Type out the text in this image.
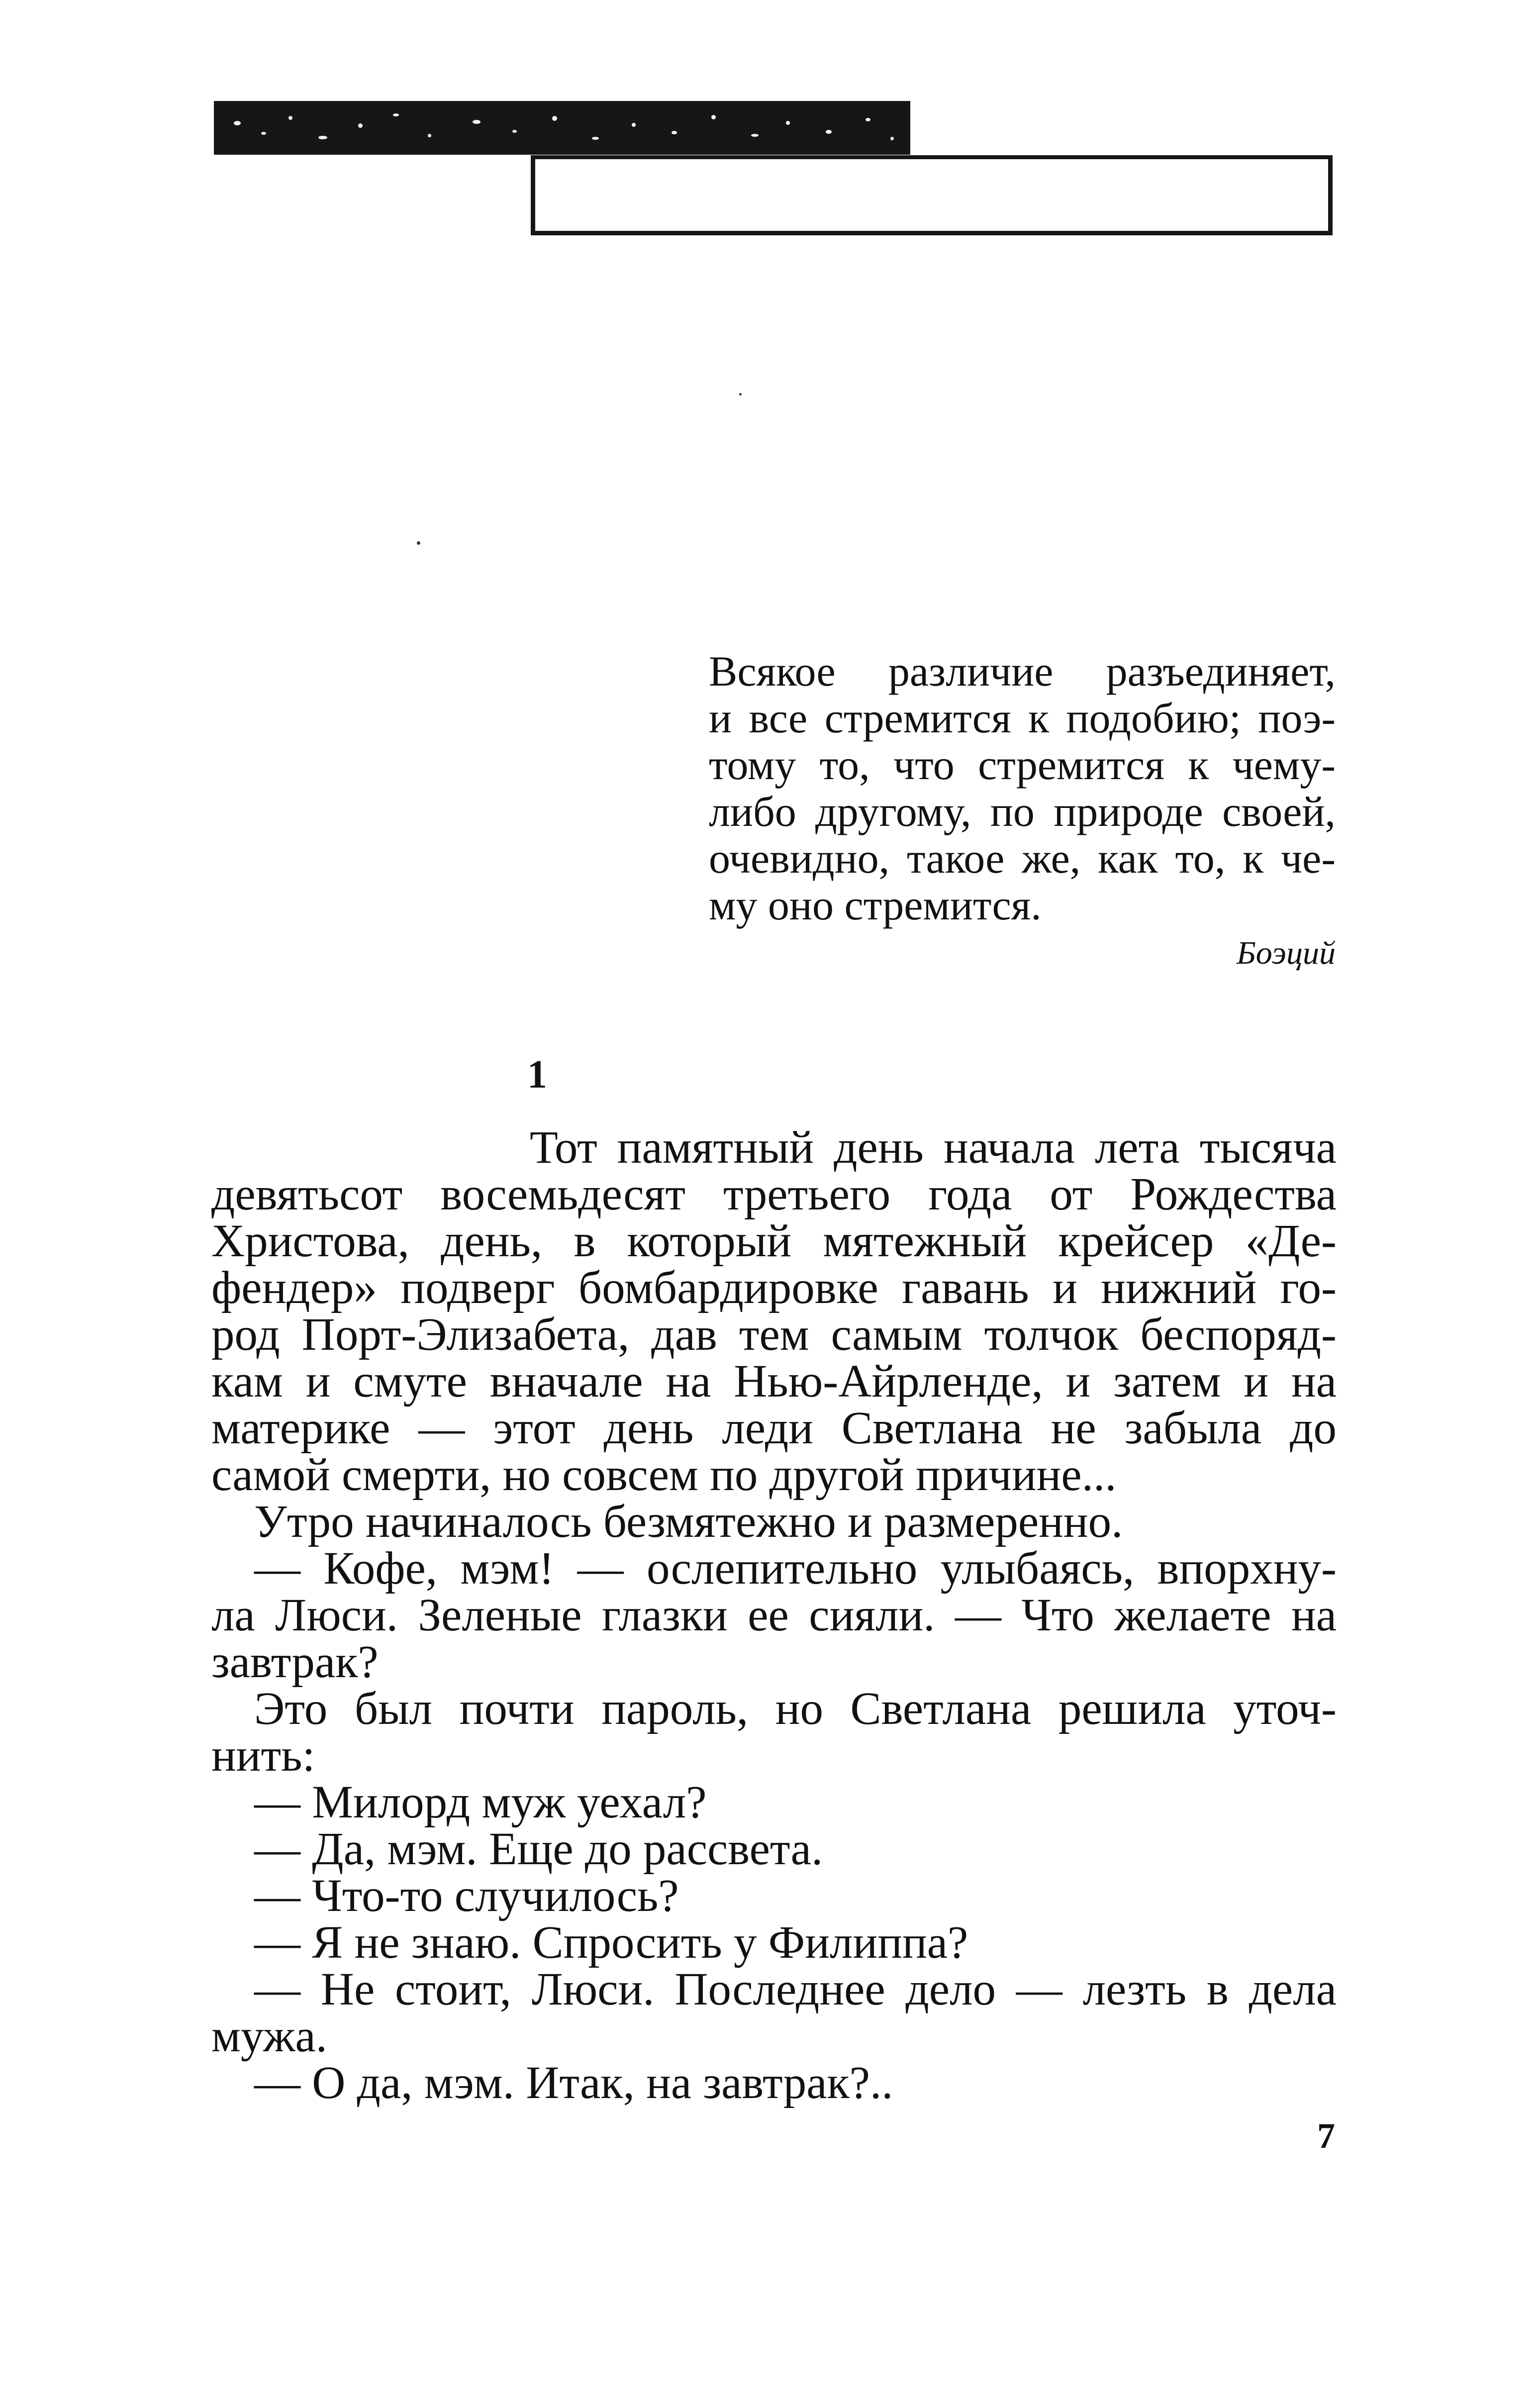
Всякое различие разъединяет,
и все стремится к подобию; поэ-
тому то, что стремится к чему-
либо другому, по природе своей,
очевидно, такое же, как то, к че-
му оно стремится.
Боэций
1
Тот памятный день начала лета тысяча
девятьсот восемьдесят третьего года от Рождества
Христова, день, в который мятежный крейсер «Де-
фендер» подверг бомбардировке гавань и нижний го-
род Порт-Элизабета, дав тем самым толчок беспоряд-
кам и смуте вначале на Нью-Айрленде, и затем и на
материке — этот день леди Светлана не забыла до
самой смерти, но совсем по другой причине...
Утро начиналось безмятежно и размеренно.
— Кофе, мэм! — ослепительно улыбаясь, впорхну-
ла Люси. Зеленые глазки ее сияли. — Что желаете на
завтрак?
Это был почти пароль, но Светлана решила уточ-
нить:
— Милорд муж уехал?
— Да, мэм. Еще до рассвета.
— Что-то случилось?
— Я не знаю. Спросить у Филиппа?
— Не стоит, Люси. Последнее дело — лезть в дела
мужа.
— О да, мэм. Итак, на завтрак?..
7
